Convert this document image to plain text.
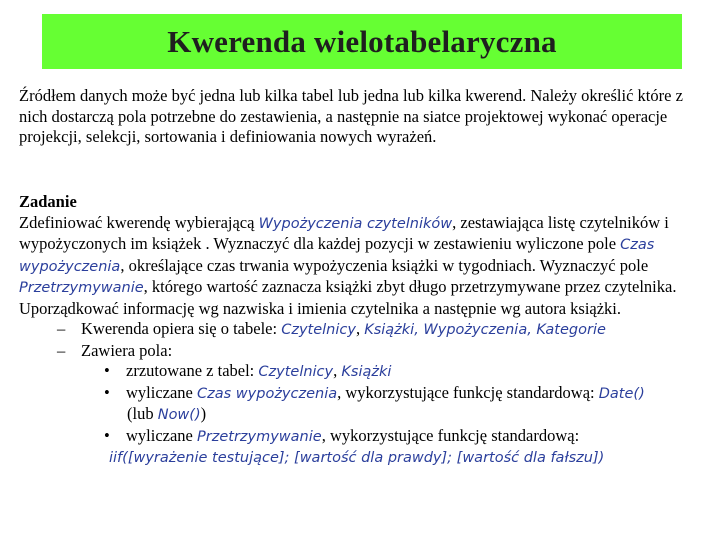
Kwerenda wielotabelaryczna

Źródłem danych może być jedna lub kilka tabel lub jedna lub kilka kwerend. Należy określić które z nich dostarczą pola potrzebne do zestawienia, a następnie na siatce projektowej wykonać operacje projekcji, selekcji, sortowania i definiowania nowych wyrażeń.

Zadanie

Zdefiniować kwerendę wybierającą Wypożyczenia czytelników, zestawiająca listę czytelników i wypożyczonych im książek . Wyznaczyć dla każdej pozycji w zestawieniu wyliczone pole Czas wypożyczenia, określające czas trwania wypożyczenia książki w tygodniach. Wyznaczyć pole Przetrzymywanie, którego wartość zaznacza książki zbyt długo przetrzymywane przez czytelnika. Uporządkować informację wg nazwiska i imienia czytelnika a następnie wg autora książki.

– Kwerenda opiera się o tabele: Czytelnicy, Książki, Wypożyczenia, Kategorie

– Zawiera pola:

• zrzutowane z tabel: Czytelnicy, Książki

• wyliczane Czas wypożyczenia, wykorzystujące funkcję standardową: Date()

(lub Now())

• wyliczane Przetrzymywanie, wykorzystujące funkcję standardową:

iif([wyrażenie testujące]; [wartość dla prawdy]; [wartość dla fałszu])
